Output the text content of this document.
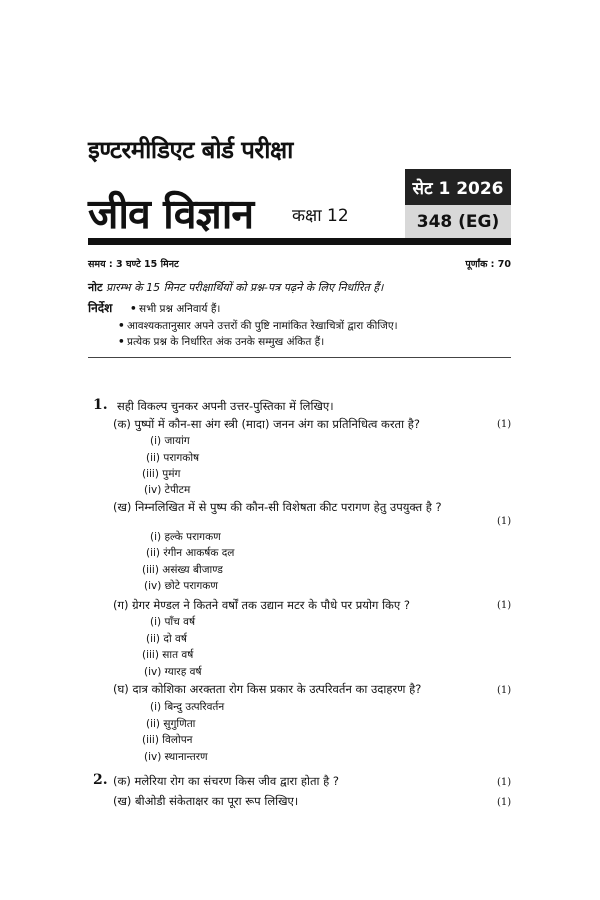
इण्टरमीडिएट बोर्ड परीक्षा
जीव विज्ञान कक्षा 12
सेट 1 2026
348 (EG)
समय : 3 घण्टे 15 मिनट	पूर्णांक : 70
नोट प्रारम्भ के 15 मिनट परीक्षार्थियों को प्रश्न-पत्र पढ़ने के लिए निर्धारित हैं।
निर्देश • सभी प्रश्न अनिवार्य हैं।
• आवश्यकतानुसार अपने उत्तरों की पुष्टि नामांकित रेखाचित्रों द्वारा कीजिए।
• प्रत्येक प्रश्न के निर्धारित अंक उनके सम्मुख अंकित हैं।
1. सही विकल्प चुनकर अपनी उत्तर-पुस्तिका में लिखिए।
(क) पुष्पों में कौन-सा अंग स्त्री (मादा) जनन अंग का प्रतिनिधित्व करता है?	(1)
(i) जायांग
(ii) परागकोष
(iii) पुमंग
(iv) टेपीटम
(ख) निम्नलिखित में से पुष्प की कौन-सी विशेषता कीट परागण हेतु उपयुक्त है ?
(1)
(i) हल्के परागकण
(ii) रंगीन आकर्षक दल
(iii) असंख्य बीजाण्ड
(iv) छोटे परागकण
(ग) ग्रेगर मेण्डल ने कितने वर्षों तक उद्यान मटर के पौधे पर प्रयोग किए ?	(1)
(i) पाँच वर्ष
(ii) दो वर्ष
(iii) सात वर्ष
(iv) ग्यारह वर्ष
(घ) दात्र कोशिका अरक्तता रोग किस प्रकार के उत्परिवर्तन का उदाहरण है?	(1)
(i) बिन्दु उत्परिवर्तन
(ii) सुगुणिता
(iii) विलोपन
(iv) स्थानान्तरण
2. (क) मलेरिया रोग का संचरण किस जीव द्वारा होता है ?	(1)
(ख) बीओडी संकेताक्षर का पूरा रूप लिखिए।	(1)
